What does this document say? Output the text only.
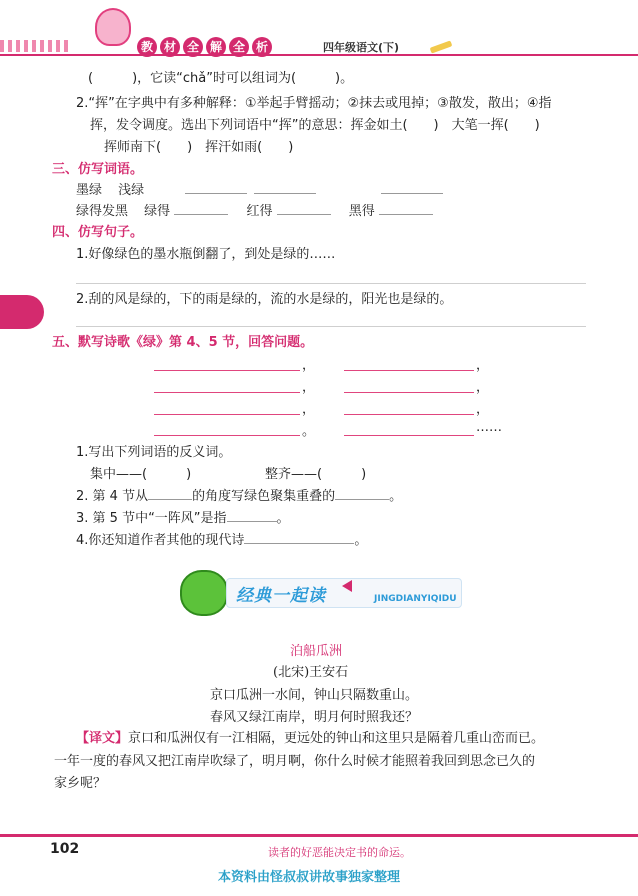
教 材 全 解 全 析	四年级语文(下)
(　　　)，它读“chǎ”时可以组词为(　　　)。
2.“挥”在字典中有多种解释：①举起手臂摇动；②抹去或甩掉；③散发，散出；④指
挥，发令调度。选出下列词语中“挥”的意思：挥金如土(　　)　大笔一挥(　　)
挥师南下(　　)　挥汗如雨(　　)
三、仿写词语。
墨绿 浅绿
绿得发黑 绿得	红得	黑得
四、仿写句子。
1.好像绿色的墨水瓶倒翻了，到处是绿的……
2.刮的风是绿的，下的雨是绿的，流的水是绿的，阳光也是绿的。
五、默写诗歌《绿》第 4、5 节，回答问题。
，	，
，	，
，	，
。	……
1.写出下列词语的反义词。
集中——(　　　)	整齐——(　　　)
2. 第 4 节从	的角度写绿色聚集重叠的	。
3. 第 5 节中“一阵风”是指	。
4.你还知道作者其他的现代诗	。
经典一起读	JINGDIANYIQIDU
泊船瓜洲
(北宋)王安石
京口瓜洲一水间，钟山只隔数重山。
春风又绿江南岸，明月何时照我还？
【译文】京口和瓜洲仅有一江相隔，更远处的钟山和这里只是隔着几重山峦而已。
一年一度的春风又把江南岸吹绿了，明月啊，你什么时候才能照着我回到思念已久的
家乡呢？
102	读者的好恶能决定书的命运。
本资料由怪叔叔讲故事独家整理
